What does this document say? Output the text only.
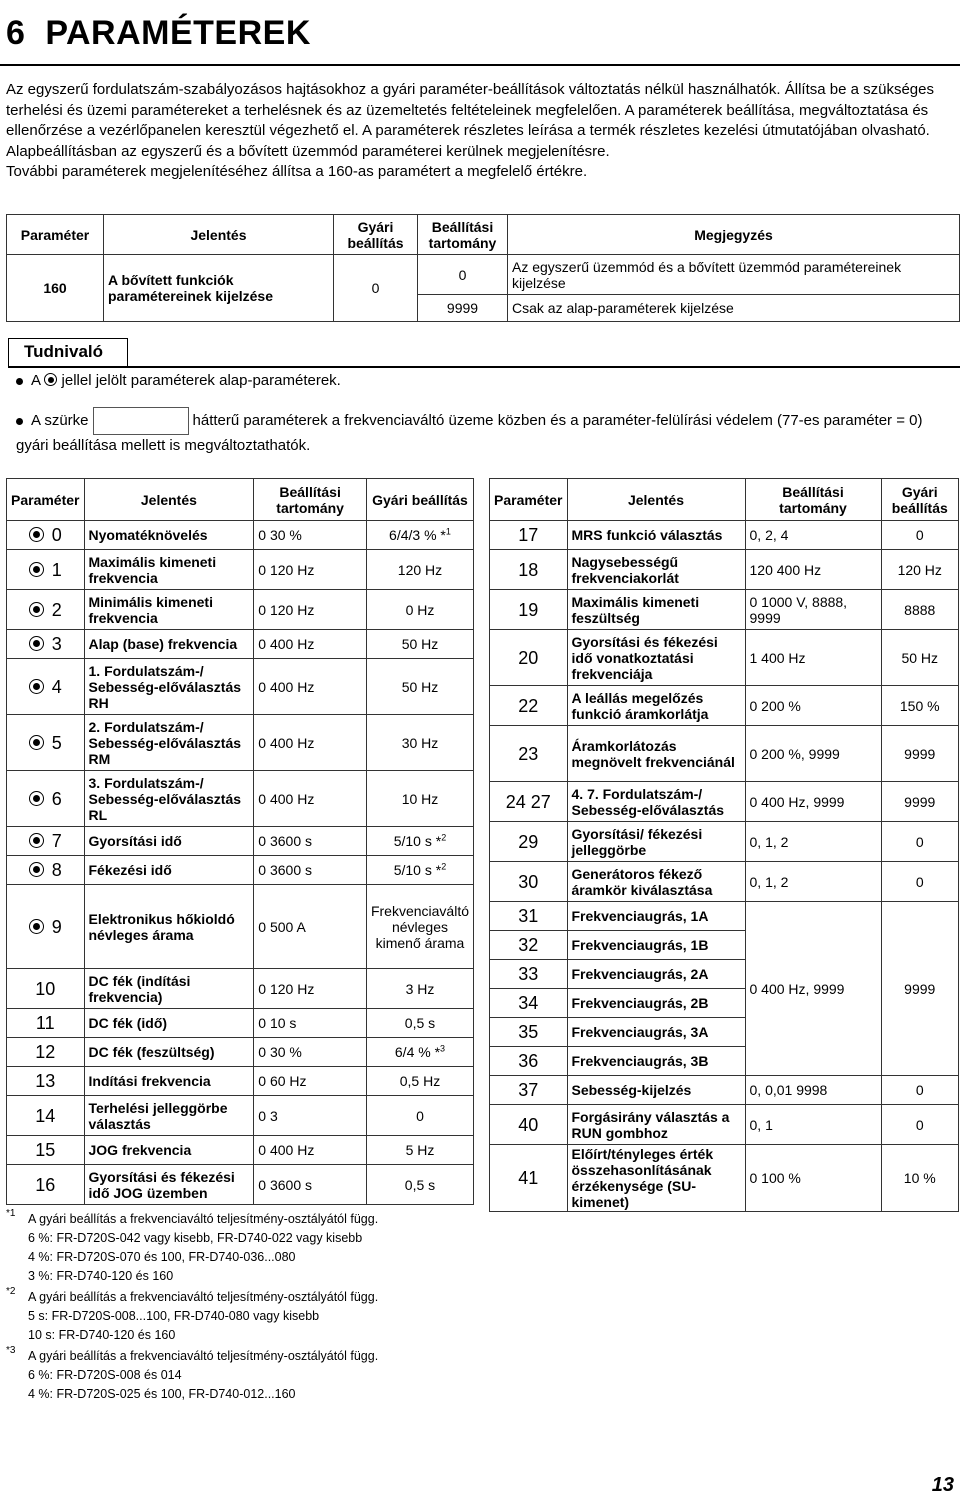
6 PARAMÉTEREK

Az egyszerű fordulatszám-szabályozásos hajtásokhoz a gyári paraméter-beállítások változtatás nélkül használhatók. Állítsa be a szükséges terhelési és üzemi paramétereket a terhelésnek és az üzemeltetés feltételeinek megfelelően. A paraméterek beállítása, megváltoztatása és ellenőrzése a vezérlőpanelen keresztül végezhető el. A paraméterek részletes leírása a termék részletes kezelési útmutatójában olvasható.

Alapbeállításban az egyszerű és a bővített üzemmód paraméterei kerülnek megjelenítésre.

További paraméterek megjelenítéséhez állítsa a 160-as paramétert a megfelelő értékre.

Paraméter	Jelentés	Gyári beállítás	Beállítási tartomány	Megjegyzés
160	A bővített funkciók paramétereinek kijelzése	0	0	Az egyszerű üzemmód és a bővített üzemmód paramétereinek kijelzése
			9999	Csak az alap-paraméterek kijelzése
Tudnivaló
A jellel jelölt paraméterek alap-paraméterek.
A szürke	hátterű paraméterek a frekvenciaváltó üzeme közben és a paraméter-felülírási védelem (77-es paraméter = 0) gyári beállítása mellett is megváltoztathatók.
Paraméter	Jelentés	Beállítási tartomány	Gyári beállítás
0	Nyomatéknövelés	0 30 %	6/4/3 % *$^1$
1	Maximális kimeneti frekvencia	0 120 Hz	120 Hz
2	Minimális kimeneti frekvencia	0 120 Hz	0 Hz
3	Alap (base) frekvencia	0 400 Hz	50 Hz
4	1. Fordulatszám-/ Sebesség-előválasztás RH	0 400 Hz	50 Hz
5	2. Fordulatszám-/ Sebesség-előválasztás RM	0 400 Hz	30 Hz
6	3. Fordulatszám-/ Sebesség-előválasztás RL	0 400 Hz	10 Hz
7	Gyorsítási idő	0 3600 s	5/10 s *$^2$
8	Fékezési idő	0 3600 s	5/10 s *$^2$
9	Elektronikus hőkioldó névleges árama	0 500 A	Frekvenciaváltó névleges kimenő árama
10	DC fék (indítási frekvencia)	0 120 Hz	3 Hz
11	DC fék (idő)	0 10 s	0,5 s
12	DC fék (feszültség)	0 30 %	6/4 % *$^3$
13	Indítási frekvencia	0 60 Hz	0,5 Hz
14	Terhelési jelleggörbe választás	0 3	0
15	JOG frekvencia	0 400 Hz	5 Hz
16	Gyorsítási és fékezési idő JOG üzemben	0 3600 s	0,5 s
Paraméter	Jelentés	Beállítási tartomány	Gyári beállítás
17	MRS funkció választás	0, 2, 4	0
18	Nagysebességű frekvenciakorlát	120 400 Hz	120 Hz
19	Maximális kimeneti feszültség	0 1000 V, 8888, 9999	8888
20	Gyorsítási és fékezési idő vonatkoztatási frekvenciája	1 400 Hz	50 Hz
22	A leállás megelőzés funkció áramkorlátja	0 200 %	150 %
23	Áramkorlátozás megnövelt frekvenciánál	0 200 %, 9999	9999
24 27	4. 7. Fordulatszám-/ Sebesség-előválasztás	0 400 Hz, 9999	9999
29	Gyorsítási/ fékezési jelleggörbe	0, 1, 2	0
30	Generátoros fékező áramkör kiválasztása	0, 1, 2	0
31	Frekvenciaugrás, 1A	0 400 Hz, 9999	9999
32	Frekvenciaugrás, 1B		
33	Frekvenciaugrás, 2A		
34	Frekvenciaugrás, 2B		
35	Frekvenciaugrás, 3A		
36	Frekvenciaugrás, 3B		
37	Sebesség-kijelzés	0, 0,01 9998	0
40	Forgásirány választás a RUN gombhoz	0, 1	0
41	Előírt/tényleges érték összehasonlításának érzékenysége (SU-kimenet)	0 100 %	10 %
*1 A gyári beállítás a frekvenciaváltó teljesítmény-osztályától függ.
6 %: FR-D720S-042 vagy kisebb, FR-D740-022 vagy kisebb
4 %: FR-D720S-070 és 100, FR-D740-036...080
3 %: FR-D740-120 és 160
*2 A gyári beállítás a frekvenciaváltó teljesítmény-osztályától függ.
5 s: FR-D720S-008...100, FR-D740-080 vagy kisebb
10 s: FR-D740-120 és 160
*3 A gyári beállítás a frekvenciaváltó teljesítmény-osztályától függ.
6 %: FR-D720S-008 és 014
4 %: FR-D720S-025 és 100, FR-D740-012...160
13
